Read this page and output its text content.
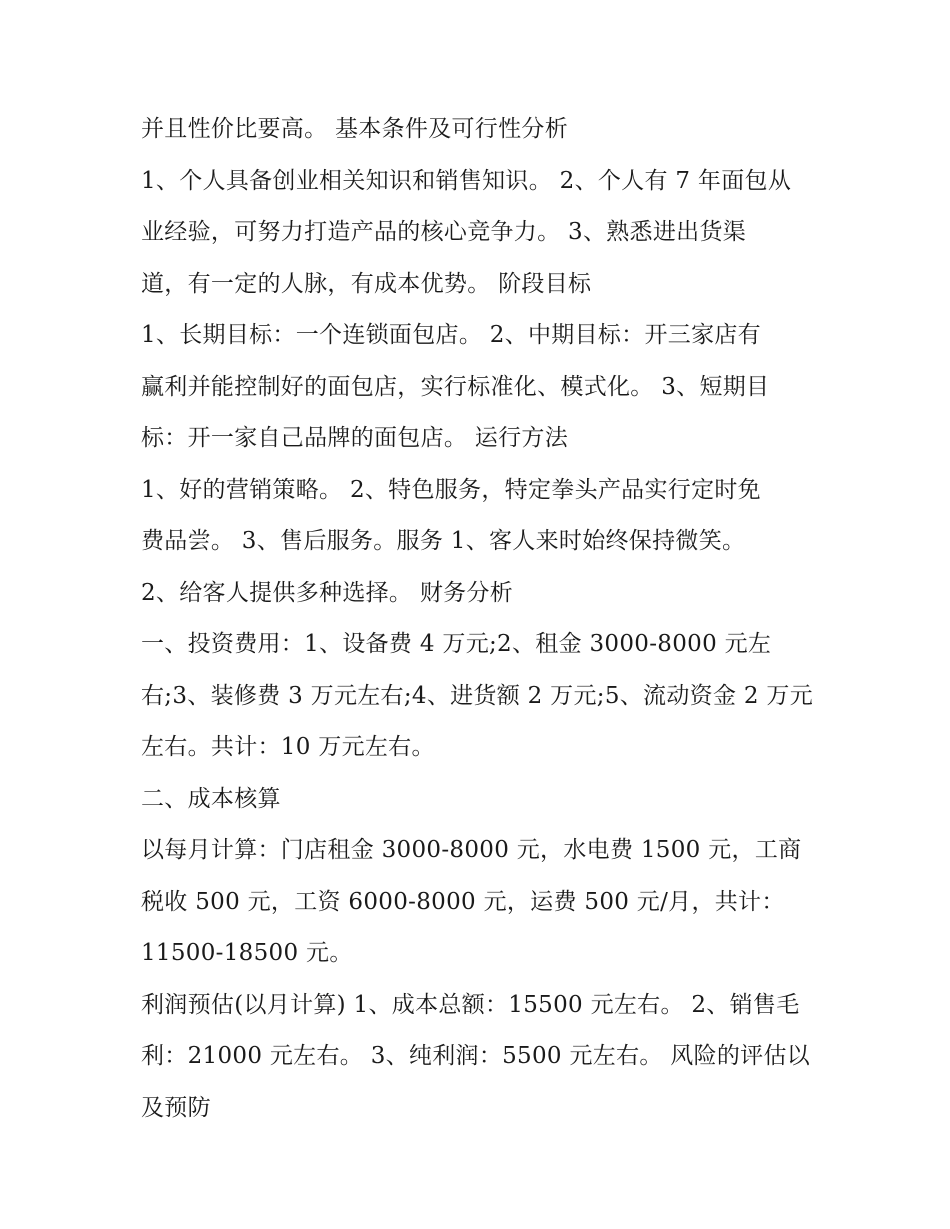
并且性价比要高。 基本条件及可行性分析
1、个人具备创业相关知识和销售知识。 2、个人有 7 年面包从
业经验，可努力打造产品的核心竞争力。 3、熟悉进出货渠
道，有一定的人脉，有成本优势。 阶段目标
1、长期目标：一个连锁面包店。 2、中期目标：开三家店有
赢利并能控制好的面包店，实行标准化、模式化。 3、短期目
标：开一家自己品牌的面包店。 运行方法
1、好的营销策略。 2、特色服务，特定拳头产品实行定时免
费品尝。 3、售后服务。服务 1、客人来时始终保持微笑。
2、给客人提供多种选择。 财务分析
一、投资费用：1、设备费 4 万元;2、租金 3000-8000 元左
右;3、装修费 3 万元左右;4、进货额 2 万元;5、流动资金 2 万元
左右。共计：10 万元左右。
二、成本核算
以每月计算：门店租金 3000-8000 元，水电费 1500 元，工商
税收 500 元，工资 6000-8000 元，运费 500 元/月，共计：
11500-18500 元。
利润预估(以月计算) 1、成本总额：15500 元左右。 2、销售毛
利：21000 元左右。 3、纯利润：5500 元左右。 风险的评估以
及预防
